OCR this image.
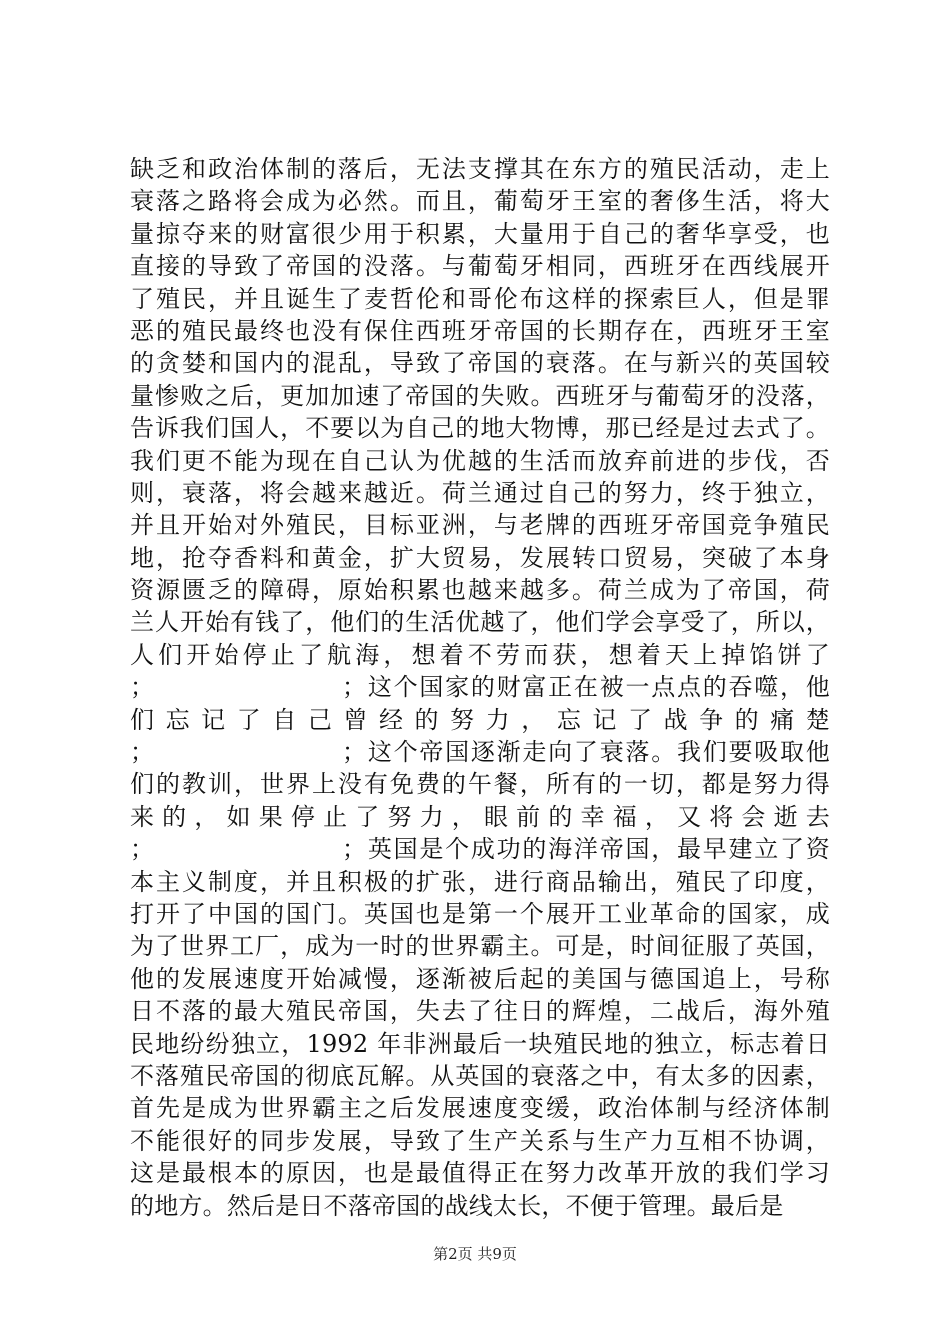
缺乏和政治体制的落后，无法支撑其在东方的殖民活动，走上
衰落之路将会成为必然。而且，葡萄牙王室的奢侈生活，将大
量掠夺来的财富很少用于积累，大量用于自己的奢华享受，也
直接的导致了帝国的没落。与葡萄牙相同，西班牙在西线展开
了殖民，并且诞生了麦哲伦和哥伦布这样的探索巨人，但是罪
恶的殖民最终也没有保住西班牙帝国的长期存在，西班牙王室
的贪婪和国内的混乱，导致了帝国的衰落。在与新兴的英国较
量惨败之后，更加加速了帝国的失败。西班牙与葡萄牙的没落，
告诉我们国人，不要以为自己的地大物博，那已经是过去式了。
我们更不能为现在自己认为优越的生活而放弃前进的步伐，否
则，衰落，将会越来越近。荷兰通过自己的努力，终于独立，
并且开始对外殖民，目标亚洲，与老牌的西班牙帝国竞争殖民
地，抢夺香料和黄金，扩大贸易，发展转口贸易，突破了本身
资源匮乏的障碍，原始积累也越来越多。荷兰成为了帝国，荷
兰人开始有钱了，他们的生活优越了，他们学会享受了，所以，
人们开始停止了航海，想着不劳而获，想着天上掉馅饼了
；                    ；这个国家的财富正在被一点点的吞噬，他
们忘记了自己曾经的努力，忘记了战争的痛楚
；                    ；这个帝国逐渐走向了衰落。我们要吸取他
们的教训，世界上没有免费的午餐，所有的一切，都是努力得
来的，如果停止了努力，眼前的幸福，又将会逝去
；                    ；英国是个成功的海洋帝国，最早建立了资
本主义制度，并且积极的扩张，进行商品输出，殖民了印度，
打开了中国的国门。英国也是第一个展开工业革命的国家，成
为了世界工厂，成为一时的世界霸主。可是，时间征服了英国，
他的发展速度开始减慢，逐渐被后起的美国与德国追上，号称
日不落的最大殖民帝国，失去了往日的辉煌，二战后，海外殖
民地纷纷独立，1992 年非洲最后一块殖民地的独立，标志着日
不落殖民帝国的彻底瓦解。从英国的衰落之中，有太多的因素，
首先是成为世界霸主之后发展速度变缓，政治体制与经济体制
不能很好的同步发展，导致了生产关系与生产力互相不协调，
这是最根本的原因，也是最值得正在努力改革开放的我们学习
的地方。然后是日不落帝国的战线太长，不便于管理。最后是
第2页 共9页
